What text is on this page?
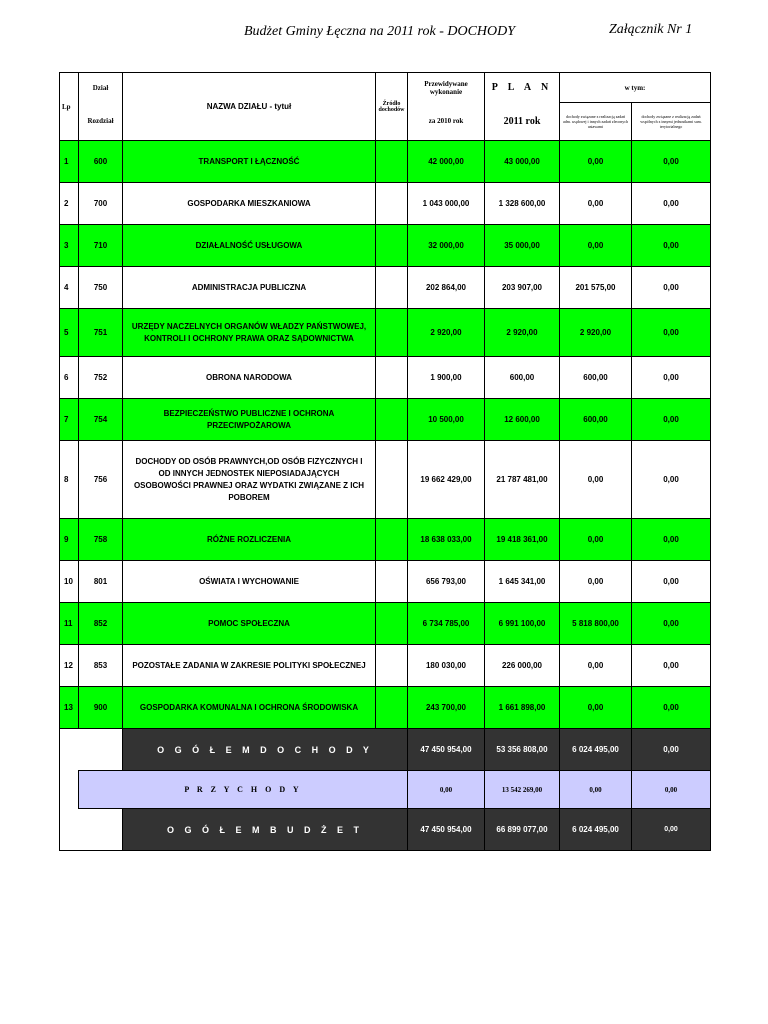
Budżet Gminy Łęczna na 2011 rok - DOCHODY	Załącznik Nr 1
Lp	Dział	NAZWA DZIAŁU - tytuł	Źródło dochodów	Przewidywane wykonanie	P L A N	w tym:	
	Rozdział			za 2010 rok	2011 rok	dochody związane z realizacją zadań adm. rządowej i innych zadań zleconych ustawami	dochody związane z realizacją zadań wspólnych z innymi jednostkami sam. terytorialnego
1	600	TRANSPORT I ŁĄCZNOŚĆ		42 000,00	43 000,00	0,00	0,00
2	700	GOSPODARKA MIESZKANIOWA		1 043 000,00	1 328 600,00	0,00	0,00
3	710	DZIAŁALNOŚĆ USŁUGOWA		32 000,00	35 000,00	0,00	0,00
4	750	ADMINISTRACJA PUBLICZNA		202 864,00	203 907,00	201 575,00	0,00
5	751	URZĘDY NACZELNYCH ORGANÓW WŁADZY PAŃSTWOWEJ, KONTROLI I OCHRONY PRAWA ORAZ SĄDOWNICTWA		2 920,00	2 920,00	2 920,00	0,00
6	752	OBRONA NARODOWA		1 900,00	600,00	600,00	0,00
7	754	BEZPIECZEŃSTWO PUBLICZNE I OCHRONA PRZECIWPOŻAROWA		10 500,00	12 600,00	600,00	0,00
8	756	DOCHODY OD OSÓB PRAWNYCH,OD OSÓB FIZYCZNYCH I OD INNYCH JEDNOSTEK NIEPOSIADAJĄCYCH OSOBOWOŚCI PRAWNEJ ORAZ WYDATKI ZWIĄZANE Z ICH POBOREM		19 662 429,00	21 787 481,00	0,00	0,00
9	758	RÓŻNE ROZLICZENIA		18 638 033,00	19 418 361,00	0,00	0,00
10	801	OŚWIATA I WYCHOWANIE		656 793,00	1 645 341,00	0,00	0,00
11	852	POMOC SPOŁECZNA		6 734 785,00	6 991 100,00	5 818 800,00	0,00
12	853	POZOSTAŁE ZADANIA W ZAKRESIE POLITYKI SPOŁECZNEJ		180 030,00	226 000,00	0,00	0,00
13	900	GOSPODARKA KOMUNALNA I OCHRONA ŚRODOWISKA		243 700,00	1 661 898,00	0,00	0,00
		O G Ó Ł E M D O C H O D Y		47 450 954,00	53 356 808,00	6 024 495,00	0,00
	P R Z Y C H O D Y			0,00	13 542 269,00	0,00	0,00
		O G Ó Ł E M B U D Ż E T		47 450 954,00	66 899 077,00	6 024 495,00	0,00
